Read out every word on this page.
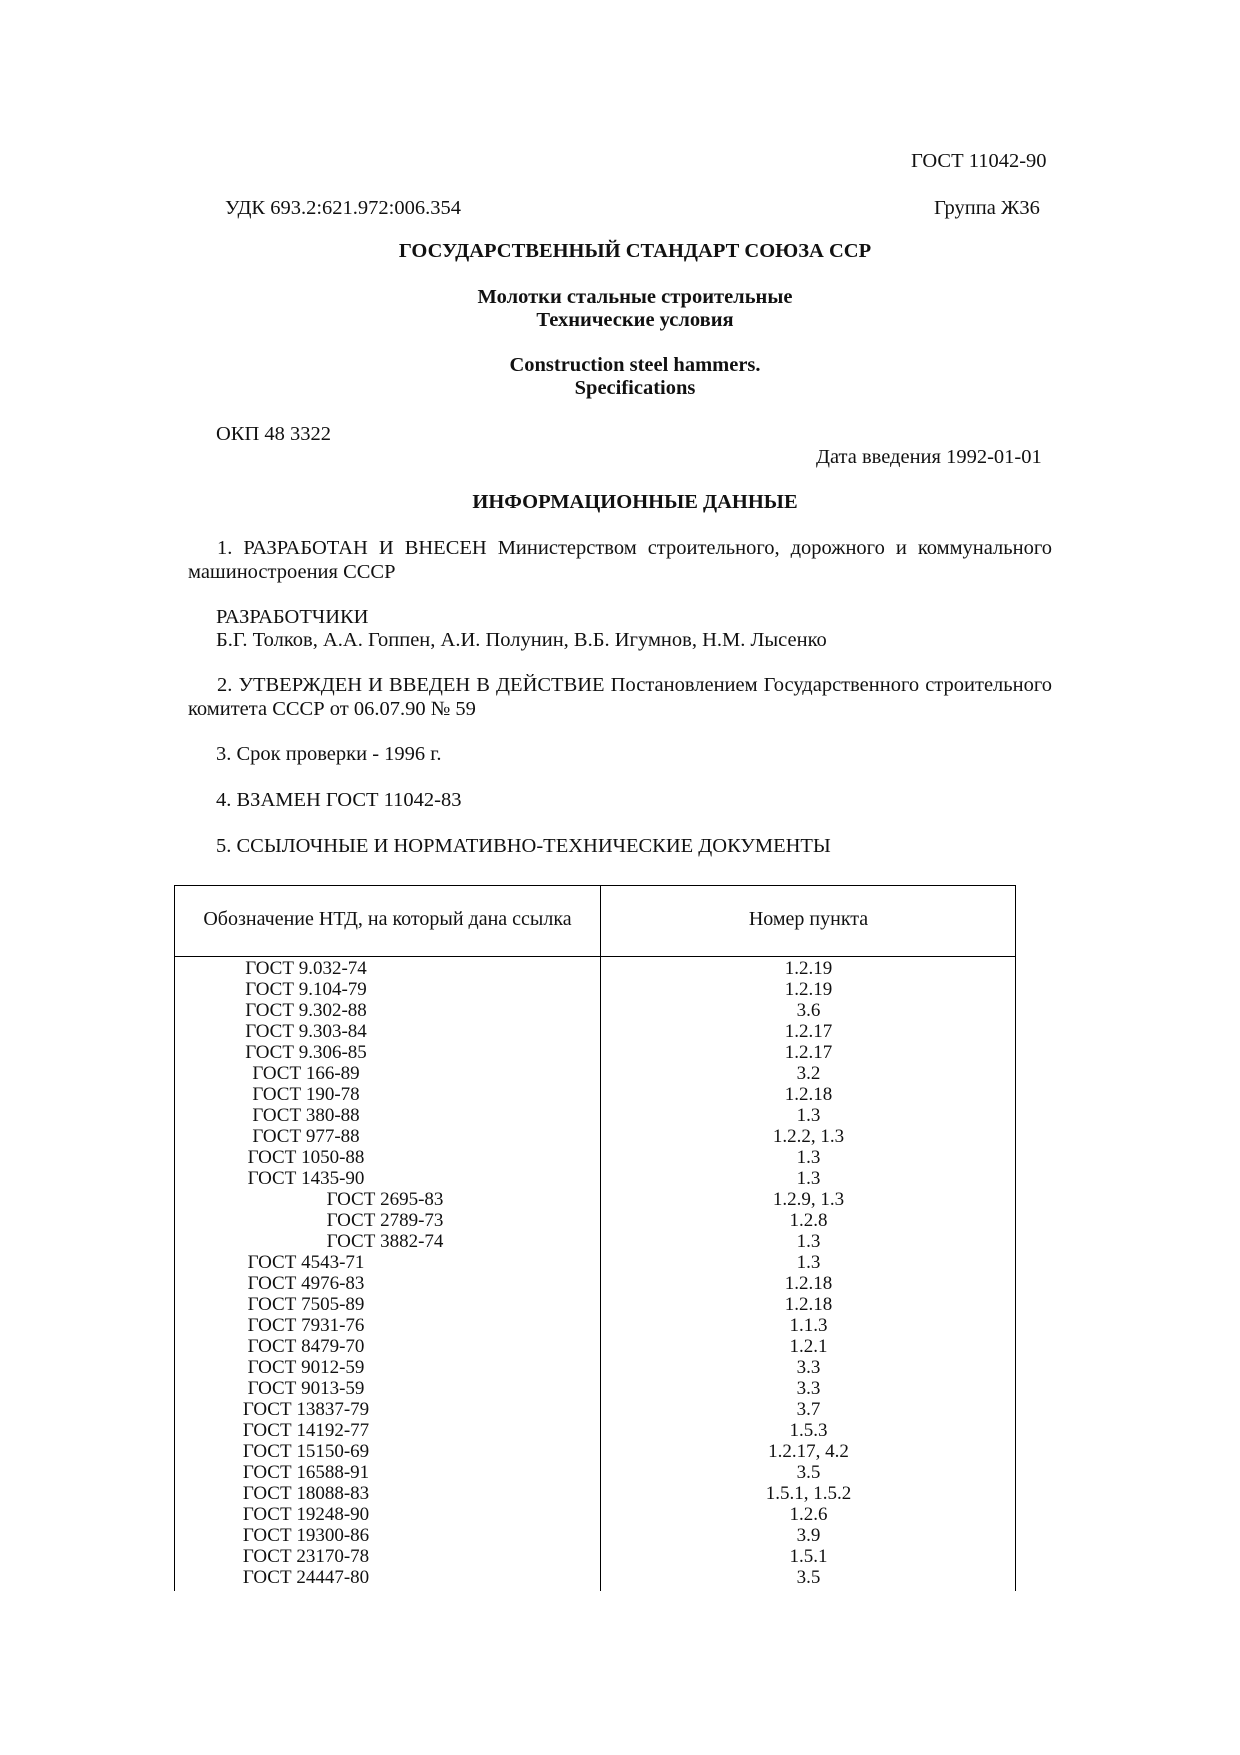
ГОСТ 11042-90
УДК 693.2:621.972:006.354	Группа Ж36
ГОСУДАРСТВЕННЫЙ СТАНДАРТ СОЮЗА ССР
Молотки стальные строительные
Технические условия
Construction steel hammers.
Specifications
ОКП 48 3322
Дата введения 1992-01-01
ИНФОРМАЦИОННЫЕ ДАННЫЕ
1. РАЗРАБОТАН И ВНЕСЕН Министерством строительного, дорожного и коммунального машиностроения СССР
РАЗРАБОТЧИКИ
Б.Г. Толков, А.А. Гоппен, А.И. Полунин, В.Б. Игумнов, Н.М. Лысенко
2. УТВЕРЖДЕН И ВВЕДЕН В ДЕЙСТВИЕ Постановлением Государственного строительного комитета СССР от 06.07.90 № 59
3. Срок проверки - 1996 г.
4. ВЗАМЕН ГОСТ 11042-83
5. ССЫЛОЧНЫЕ И НОРМАТИВНО-ТЕХНИЧЕСКИЕ ДОКУМЕНТЫ
Обозначение НТД, на который дана ссылка	Номер пункта
ГОСТ 9.032-74	1.2.19
ГОСТ 9.104-79	1.2.19
ГОСТ 9.302-88	3.6
ГОСТ 9.303-84	1.2.17
ГОСТ 9.306-85	1.2.17
ГОСТ 166-89	3.2
ГОСТ 190-78	1.2.18
ГОСТ 380-88	1.3
ГОСТ 977-88	1.2.2, 1.3
ГОСТ 1050-88	1.3
ГОСТ 1435-90	1.3
ГОСТ 2695-83	1.2.9, 1.3
ГОСТ 2789-73	1.2.8
ГОСТ 3882-74	1.3
ГОСТ 4543-71	1.3
ГОСТ 4976-83	1.2.18
ГОСТ 7505-89	1.2.18
ГОСТ 7931-76	1.1.3
ГОСТ 8479-70	1.2.1
ГОСТ 9012-59	3.3
ГОСТ 9013-59	3.3
ГОСТ 13837-79	3.7
ГОСТ 14192-77	1.5.3
ГОСТ 15150-69	1.2.17, 4.2
ГОСТ 16588-91	3.5
ГОСТ 18088-83	1.5.1, 1.5.2
ГОСТ 19248-90	1.2.6
ГОСТ 19300-86	3.9
ГОСТ 23170-78	1.5.1
ГОСТ 24447-80	3.5
